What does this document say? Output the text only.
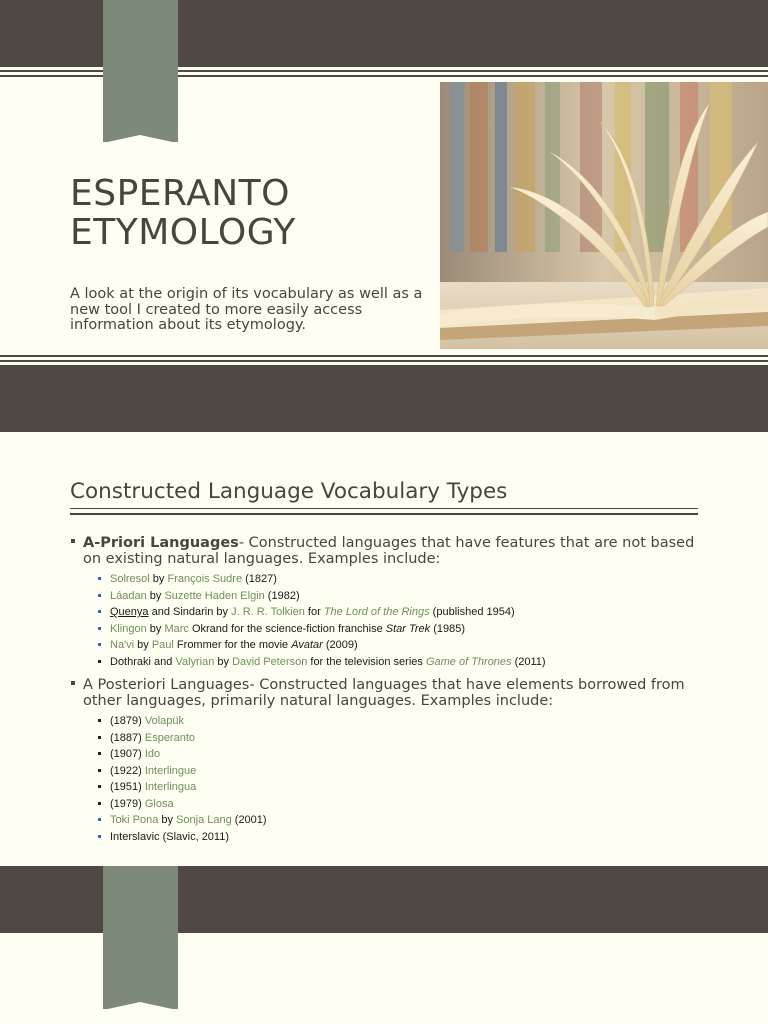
ESPERANTO
ETYMOLOGY
A look at the origin of its vocabulary as well as a new tool I created to more easily access information about its etymology.
Constructed Language Vocabulary Types
A-Priori Languages- Constructed languages that have features that are not based on existing natural languages. Examples include:
Solresol by François Sudre (1827)
Láadan by Suzette Haden Elgin (1982)
Quenya and Sindarin by J. R. R. Tolkien for The Lord of the Rings (published 1954)
Klingon by Marc Okrand for the science-fiction franchise Star Trek (1985)
Na'vi by Paul Frommer for the movie Avatar (2009)
Dothraki and Valyrian by David Peterson for the television series Game of Thrones (2011)
A Posteriori Languages- Constructed languages that have elements borrowed from other languages, primarily natural languages. Examples include:
(1879) Volapük
(1887) Esperanto
(1907) Ido
(1922) Interlingue
(1951) Interlingua
(1979) Glosa
Toki Pona by Sonja Lang (2001)
Interslavic (Slavic, 2011)
